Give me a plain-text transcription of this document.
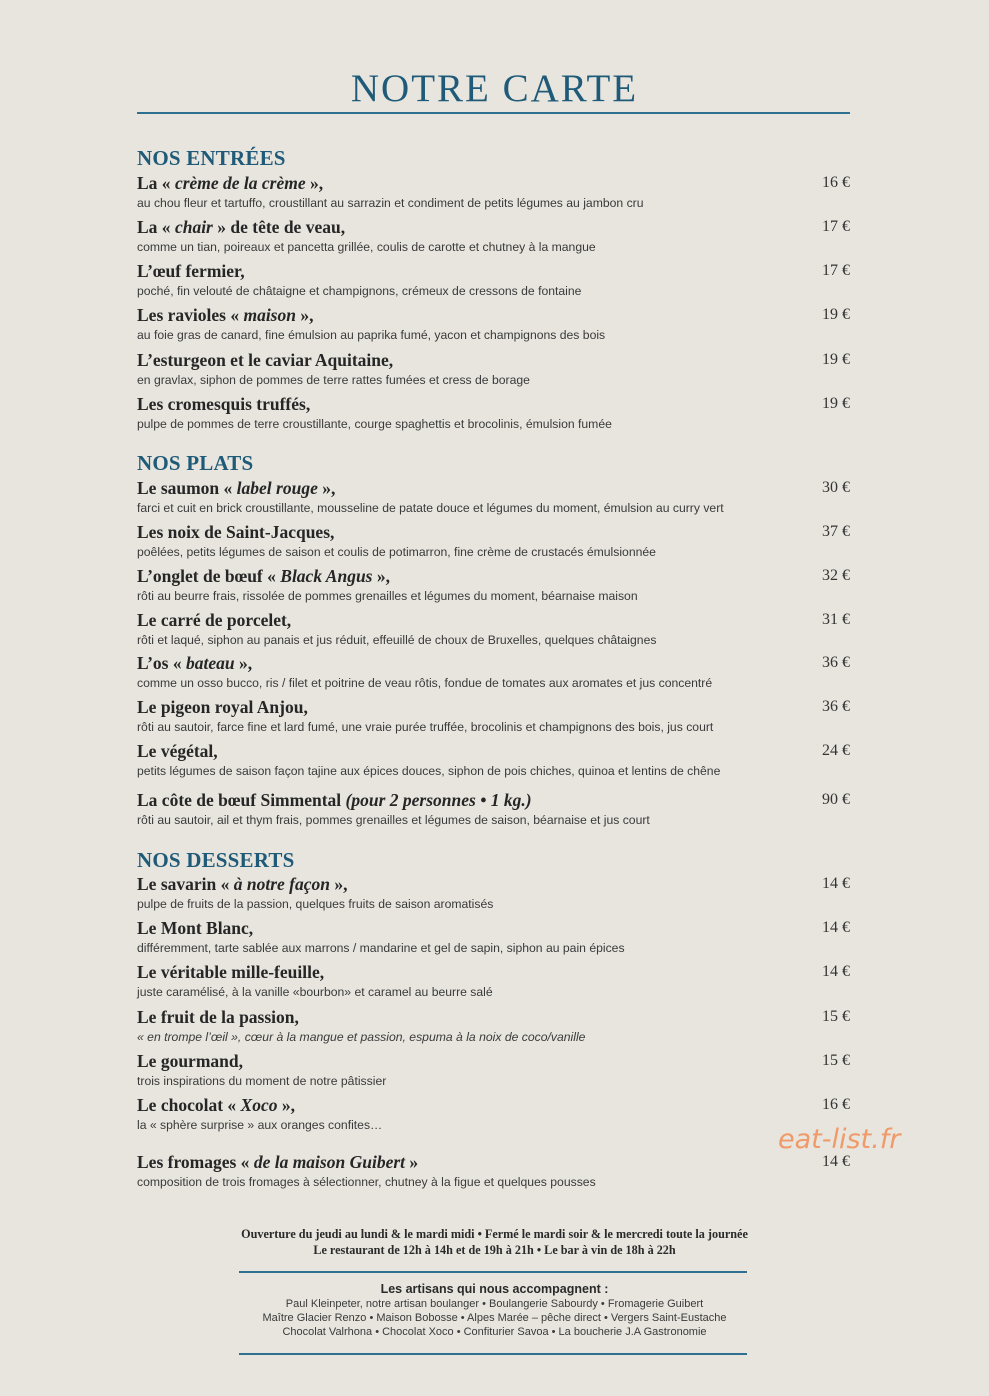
NOTRE CARTE
NOS ENTRÉES
NOS PLATS
NOS DESSERTS
eat-list.fr
Ouverture du jeudi au lundi & le mardi midi • Fermé le mardi soir & le mercredi toute la journée
Le restaurant de 12h à 14h et de 19h à 21h • Le bar à vin de 18h à 22h
Les artisans qui nous accompagnent :
Paul Kleinpeter, notre artisan boulanger • Boulangerie Sabourdy • Fromagerie Guibert
Maître Glacier Renzo • Maison Bobosse • Alpes Marée – pêche direct • Vergers Saint-Eustache
Chocolat Valrhona • Chocolat Xoco • Confiturier Savoa • La boucherie J.A Gastronomie
La « crème de la crème »,
au chou fleur et tartuffo, croustillant au sarrazin et condiment de petits légumes au jambon cru
16 €
La « chair » de tête de veau,
comme un tian, poireaux et pancetta grillée, coulis de carotte et chutney à la mangue
17 €
L’œuf fermier,
poché, fin velouté de châtaigne et champignons, crémeux de cressons de fontaine
17 €
Les ravioles « maison »,
au foie gras de canard, fine émulsion au paprika fumé, yacon et champignons des bois
19 €
L’esturgeon et le caviar Aquitaine,
en gravlax, siphon de pommes de terre rattes fumées et cress de borage
19 €
Les cromesquis truffés,
pulpe de pommes de terre croustillante, courge spaghettis et brocolinis, émulsion fumée
19 €
Le saumon « label rouge »,
farci et cuit en brick croustillante, mousseline de patate douce et légumes du moment, émulsion au curry vert
30 €
Les noix de Saint-Jacques,
poêlées, petits légumes de saison et coulis de potimarron, fine crème de crustacés émulsionnée
37 €
L’onglet de bœuf « Black Angus »,
rôti au beurre frais, rissolée de pommes grenailles et légumes du moment, béarnaise maison
32 €
Le carré de porcelet,
rôti et laqué, siphon au panais et jus réduit, effeuillé de choux de Bruxelles, quelques châtaignes
31 €
L’os « bateau »,
comme un osso bucco, ris / filet et poitrine de veau rôtis, fondue de tomates aux aromates et jus concentré
36 €
Le pigeon royal Anjou,
rôti au sautoir, farce fine et lard fumé, une vraie purée truffée, brocolinis et champignons des bois, jus court
36 €
Le végétal,
petits légumes de saison façon tajine aux épices douces, siphon de pois chiches, quinoa et lentins de chêne
24 €
La côte de bœuf Simmental (pour 2 personnes • 1 kg.)
rôti au sautoir, ail et thym frais, pommes grenailles et légumes de saison, béarnaise et jus court
90 €
Le savarin « à notre façon »,
pulpe de fruits de la passion, quelques fruits de saison aromatisés
14 €
Le Mont Blanc,
différemment, tarte sablée aux marrons / mandarine et gel de sapin, siphon au pain épices
14 €
Le véritable mille-feuille,
juste caramélisé, à la vanille «bourbon» et caramel au beurre salé
14 €
Le fruit de la passion,
« en trompe l’œil », cœur à la mangue et passion, espuma à la noix de coco/vanille
15 €
Le gourmand,
trois inspirations du moment de notre pâtissier
15 €
Le chocolat « Xoco »,
la « sphère surprise » aux oranges confites…
16 €
Les fromages « de la maison Guibert »
composition de trois fromages à sélectionner, chutney à la figue et quelques pousses
14 €
